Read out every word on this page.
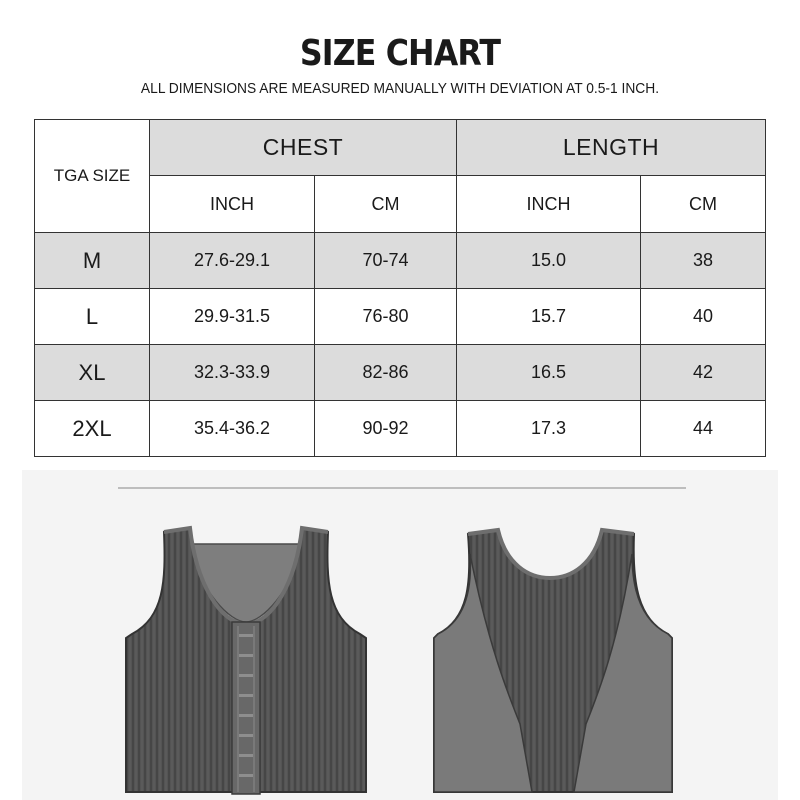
SIZE CHART
ALL DIMENSIONS ARE MEASURED MANUALLY WITH DEVIATION AT 0.5-1 INCH.
TGA SIZE	CHEST		LENGTH	
	INCH	CM	INCH	CM
M	27.6-29.1	70-74	15.0	38
L	29.9-31.5	76-80	15.7	40
XL	32.3-33.9	82-86	16.5	42
2XL	35.4-36.2	90-92	17.3	44
